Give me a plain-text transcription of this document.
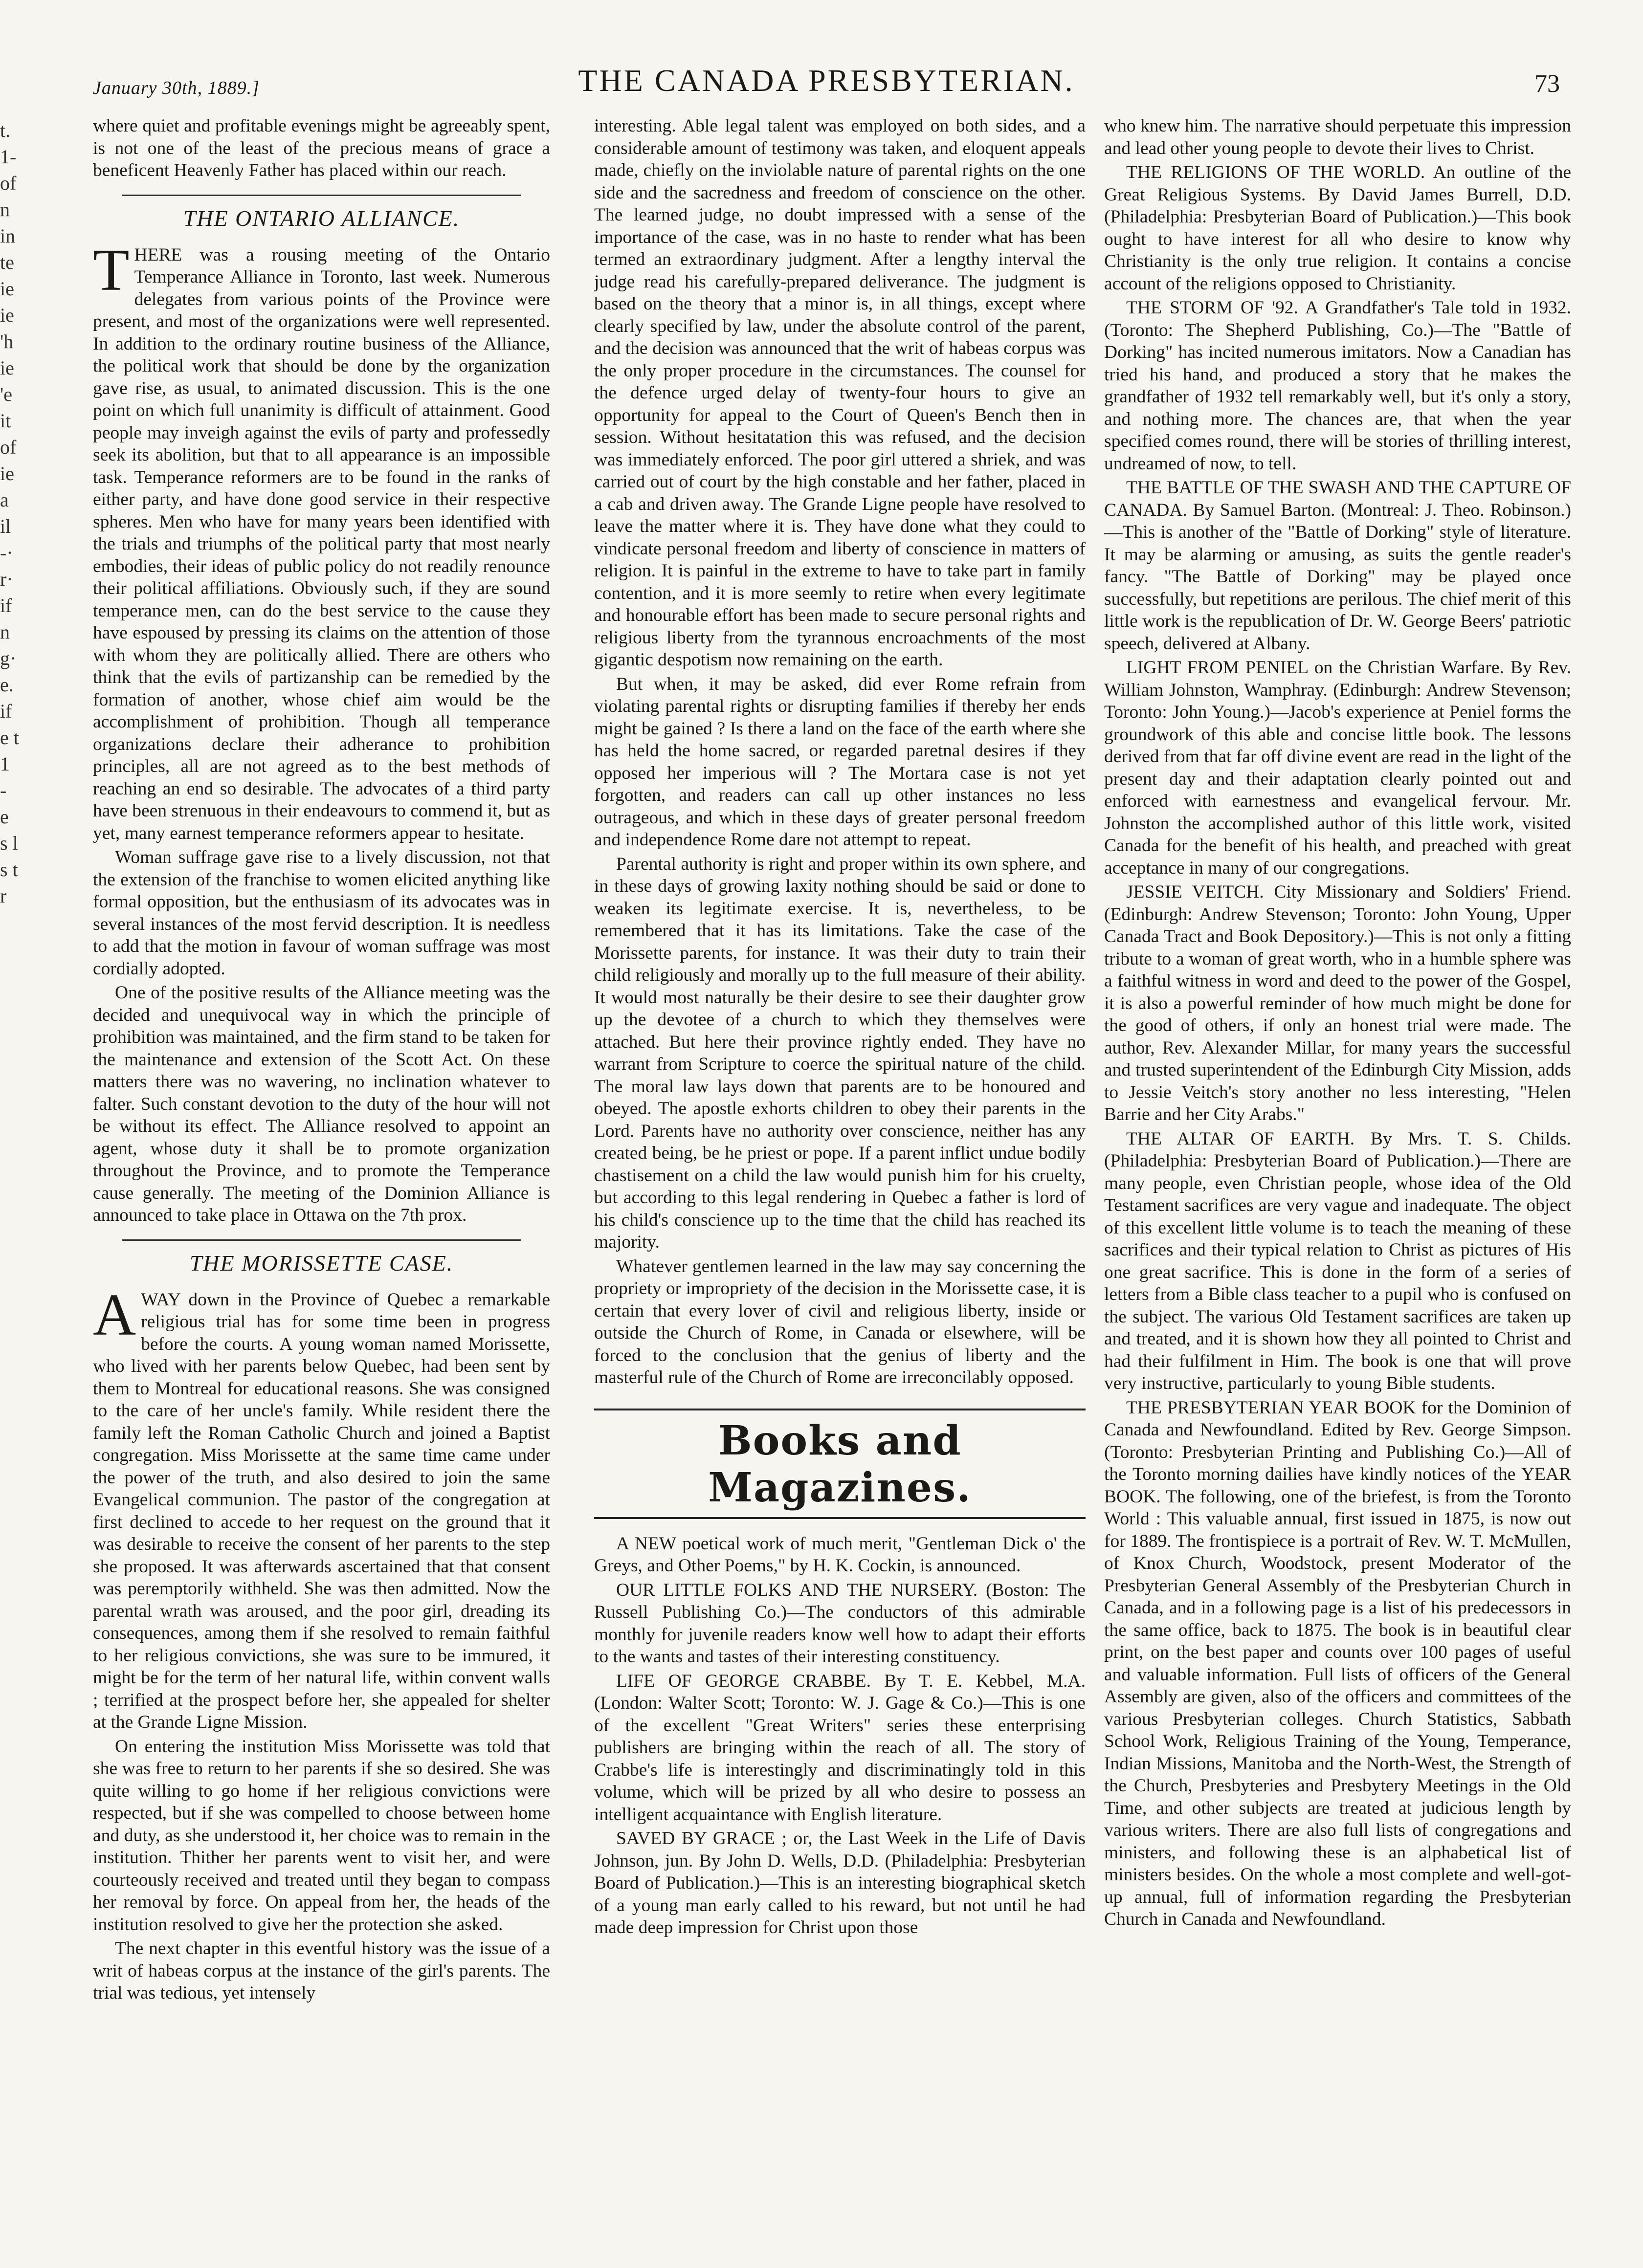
t. 1- of n in te ie ie 'h ie 'e it of ie a il -· r· if n g· e. if e t 1 - e s l s t r
January 30th, 1889.]	THE CANADA PRESBYTERIAN.	73

where quiet and profitable evenings might be agreeably spent, is not one of the least of the precious means of grace a beneficent Heavenly Father has placed within our reach.

THE ONTARIO ALLIANCE.

THERE was a rousing meeting of the Ontario Temperance Alliance in Toronto, last week. Numerous delegates from various points of the Province were present, and most of the organizations were well represented. In addition to the ordinary routine business of the Alliance, the political work that should be done by the organization gave rise, as usual, to animated discussion. This is the one point on which full unanimity is difficult of attainment. Good people may inveigh against the evils of party and professedly seek its abolition, but that to all appearance is an impossible task. Temperance reformers are to be found in the ranks of either party, and have done good service in their respective spheres. Men who have for many years been identified with the trials and triumphs of the political party that most nearly embodies, their ideas of public policy do not readily renounce their political affiliations. Obviously such, if they are sound temperance men, can do the best service to the cause they have espoused by pressing its claims on the attention of those with whom they are politically allied. There are others who think that the evils of partizanship can be remedied by the formation of another, whose chief aim would be the accomplishment of prohibition. Though all temperance organizations declare their adherance to prohibition principles, all are not agreed as to the best methods of reaching an end so desirable. The advocates of a third party have been strenuous in their endeavours to commend it, but as yet, many earnest temperance reformers appear to hesitate.

Woman suffrage gave rise to a lively discussion, not that the extension of the franchise to women elicited anything like formal opposition, but the enthusiasm of its advocates was in several instances of the most fervid description. It is needless to add that the motion in favour of woman suffrage was most cordially adopted.

One of the positive results of the Alliance meeting was the decided and unequivocal way in which the principle of prohibition was maintained, and the firm stand to be taken for the maintenance and extension of the Scott Act. On these matters there was no wavering, no inclination whatever to falter. Such constant devotion to the duty of the hour will not be without its effect. The Alliance resolved to appoint an agent, whose duty it shall be to promote organization throughout the Province, and to promote the Temperance cause generally. The meeting of the Dominion Alliance is announced to take place in Ottawa on the 7th prox.

THE MORISSETTE CASE.

AWAY down in the Province of Quebec a remarkable religious trial has for some time been in progress before the courts. A young woman named Morissette, who lived with her parents below Quebec, had been sent by them to Montreal for educational reasons. She was consigned to the care of her uncle's family. While resident there the family left the Roman Catholic Church and joined a Baptist congregation. Miss Morissette at the same time came under the power of the truth, and also desired to join the same Evangelical communion. The pastor of the congregation at first declined to accede to her request on the ground that it was desirable to receive the consent of her parents to the step she proposed. It was afterwards ascertained that that consent was peremptorily withheld. She was then admitted. Now the parental wrath was aroused, and the poor girl, dreading its consequences, among them if she resolved to remain faithful to her religious convictions, she was sure to be immured, it might be for the term of her natural life, within convent walls ; terrified at the prospect before her, she appealed for shelter at the Grande Ligne Mission.

On entering the institution Miss Morissette was told that she was free to return to her parents if she so desired. She was quite willing to go home if her religious convictions were respected, but if she was compelled to choose between home and duty, as she understood it, her choice was to remain in the institution. Thither her parents went to visit her, and were courteously received and treated until they began to compass her removal by force. On appeal from her, the heads of the institution resolved to give her the protection she asked.

The next chapter in this eventful history was the issue of a writ of habeas corpus at the instance of the girl's parents. The trial was tedious, yet intensely

interesting. Able legal talent was employed on both sides, and a considerable amount of testimony was taken, and eloquent appeals made, chiefly on the inviolable nature of parental rights on the one side and the sacredness and freedom of conscience on the other. The learned judge, no doubt impressed with a sense of the importance of the case, was in no haste to render what has been termed an extraordinary judgment. After a lengthy interval the judge read his carefully-prepared deliverance. The judgment is based on the theory that a minor is, in all things, except where clearly specified by law, under the absolute control of the parent, and the decision was announced that the writ of habeas corpus was the only proper procedure in the circumstances. The counsel for the defence urged delay of twenty-four hours to give an opportunity for appeal to the Court of Queen's Bench then in session. Without hesitatation this was refused, and the decision was immediately enforced. The poor girl uttered a shriek, and was carried out of court by the high constable and her father, placed in a cab and driven away. The Grande Ligne people have resolved to leave the matter where it is. They have done what they could to vindicate personal freedom and liberty of conscience in matters of religion. It is painful in the extreme to have to take part in family contention, and it is more seemly to retire when every legitimate and honourable effort has been made to secure personal rights and religious liberty from the tyrannous encroachments of the most gigantic despotism now remaining on the earth.

But when, it may be asked, did ever Rome refrain from violating parental rights or disrupting families if thereby her ends might be gained ? Is there a land on the face of the earth where she has held the home sacred, or regarded paretnal desires if they opposed her imperious will ? The Mortara case is not yet forgotten, and readers can call up other instances no less outrageous, and which in these days of greater personal freedom and independence Rome dare not attempt to repeat.

Parental authority is right and proper within its own sphere, and in these days of growing laxity nothing should be said or done to weaken its legitimate exercise. It is, nevertheless, to be remembered that it has its limitations. Take the case of the Morissette parents, for instance. It was their duty to train their child religiously and morally up to the full measure of their ability. It would most naturally be their desire to see their daughter grow up the devotee of a church to which they themselves were attached. But here their province rightly ended. They have no warrant from Scripture to coerce the spiritual nature of the child. The moral law lays down that parents are to be honoured and obeyed. The apostle exhorts children to obey their parents in the Lord. Parents have no authority over conscience, neither has any created being, be he priest or pope. If a parent inflict undue bodily chastisement on a child the law would punish him for his cruelty, but according to this legal rendering in Quebec a father is lord of his child's conscience up to the time that the child has reached its majority.

Whatever gentlemen learned in the law may say concerning the propriety or impropriety of the decision in the Morissette case, it is certain that every lover of civil and religious liberty, inside or outside the Church of Rome, in Canada or elsewhere, will be forced to the conclusion that the genius of liberty and the masterful rule of the Church of Rome are irreconcilably opposed.

Books and Magazines.

A NEW poetical work of much merit, "Gentleman Dick o' the Greys, and Other Poems," by H. K. Cockin, is announced.

OUR LITTLE FOLKS AND THE NURSERY. (Boston: The Russell Publishing Co.)—The conductors of this admirable monthly for juvenile readers know well how to adapt their efforts to the wants and tastes of their interesting constituency.

LIFE OF GEORGE CRABBE. By T. E. Kebbel, M.A. (London: Walter Scott; Toronto: W. J. Gage & Co.)—This is one of the excellent "Great Writers" series these enterprising publishers are bringing within the reach of all. The story of Crabbe's life is interestingly and discriminatingly told in this volume, which will be prized by all who desire to possess an intelligent acquaintance with English literature.

SAVED BY GRACE ; or, the Last Week in the Life of Davis Johnson, jun. By John D. Wells, D.D. (Philadelphia: Presbyterian Board of Publication.)—This is an interesting biographical sketch of a young man early called to his reward, but not until he had made deep impression for Christ upon those

who knew him. The narrative should perpetuate this impression and lead other young people to devote their lives to Christ.

THE RELIGIONS OF THE WORLD. An outline of the Great Religious Systems. By David James Burrell, D.D. (Philadelphia: Presbyterian Board of Publication.)—This book ought to have interest for all who desire to know why Christianity is the only true religion. It contains a concise account of the religions opposed to Christianity.

THE STORM OF '92. A Grandfather's Tale told in 1932. (Toronto: The Shepherd Publishing, Co.)—The "Battle of Dorking" has incited numerous imitators. Now a Canadian has tried his hand, and produced a story that he makes the grandfather of 1932 tell remarkably well, but it's only a story, and nothing more. The chances are, that when the year specified comes round, there will be stories of thrilling interest, undreamed of now, to tell.

THE BATTLE OF THE SWASH AND THE CAPTURE OF CANADA. By Samuel Barton. (Montreal: J. Theo. Robinson.)—This is another of the "Battle of Dorking" style of literature. It may be alarming or amusing, as suits the gentle reader's fancy. "The Battle of Dorking" may be played once successfully, but repetitions are perilous. The chief merit of this little work is the republication of Dr. W. George Beers' patriotic speech, delivered at Albany.

LIGHT FROM PENIEL on the Christian Warfare. By Rev. William Johnston, Wamphray. (Edinburgh: Andrew Stevenson; Toronto: John Young.)—Jacob's experience at Peniel forms the groundwork of this able and concise little book. The lessons derived from that far off divine event are read in the light of the present day and their adaptation clearly pointed out and enforced with earnestness and evangelical fervour. Mr. Johnston the accomplished author of this little work, visited Canada for the benefit of his health, and preached with great acceptance in many of our congregations.

JESSIE VEITCH. City Missionary and Soldiers' Friend. (Edinburgh: Andrew Stevenson; Toronto: John Young, Upper Canada Tract and Book Depository.)—This is not only a fitting tribute to a woman of great worth, who in a humble sphere was a faithful witness in word and deed to the power of the Gospel, it is also a powerful reminder of how much might be done for the good of others, if only an honest trial were made. The author, Rev. Alexander Millar, for many years the successful and trusted superintendent of the Edinburgh City Mission, adds to Jessie Veitch's story another no less interesting, "Helen Barrie and her City Arabs."

THE ALTAR OF EARTH. By Mrs. T. S. Childs. (Philadelphia: Presbyterian Board of Publication.)—There are many people, even Christian people, whose idea of the Old Testament sacrifices are very vague and inadequate. The object of this excellent little volume is to teach the meaning of these sacrifices and their typical relation to Christ as pictures of His one great sacrifice. This is done in the form of a series of letters from a Bible class teacher to a pupil who is confused on the subject. The various Old Testament sacrifices are taken up and treated, and it is shown how they all pointed to Christ and had their fulfilment in Him. The book is one that will prove very instructive, particularly to young Bible students.

THE PRESBYTERIAN YEAR BOOK for the Dominion of Canada and Newfoundland. Edited by Rev. George Simpson. (Toronto: Presbyterian Printing and Publishing Co.)—All of the Toronto morning dailies have kindly notices of the YEAR BOOK. The following, one of the briefest, is from the Toronto World : This valuable annual, first issued in 1875, is now out for 1889. The frontispiece is a portrait of Rev. W. T. McMullen, of Knox Church, Woodstock, present Moderator of the Presbyterian General Assembly of the Presbyterian Church in Canada, and in a following page is a list of his predecessors in the same office, back to 1875. The book is in beautiful clear print, on the best paper and counts over 100 pages of useful and valuable information. Full lists of officers of the General Assembly are given, also of the officers and committees of the various Presbyterian colleges. Church Statistics, Sabbath School Work, Religious Training of the Young, Temperance, Indian Missions, Manitoba and the North-West, the Strength of the Church, Presbyteries and Presbytery Meetings in the Old Time, and other subjects are treated at judicious length by various writers. There are also full lists of congregations and ministers, and following these is an alphabetical list of ministers besides. On the whole a most complete and well-got-up annual, full of information regarding the Presbyterian Church in Canada and Newfoundland.
